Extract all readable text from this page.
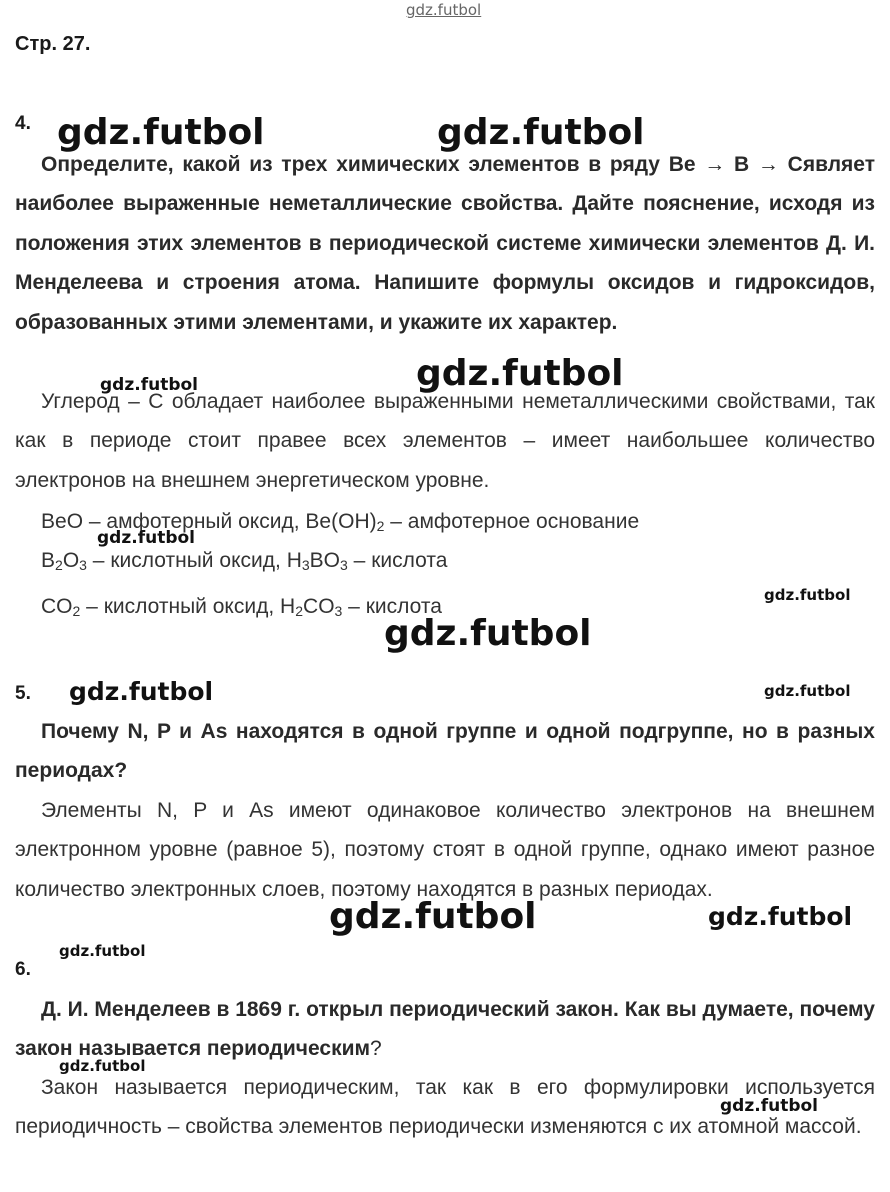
Стр. 27.
4.

Определите, какой из трех химических элементов в ряду Be → B → Cявляет наиболее выраженные неметаллические свойства. Дайте пояснение, исходя из положения этих элементов в периодической системе химически элементов Д. И. Менделеева и строения атома. Напишите формулы оксидов и гидроксидов, образованных этими элементами, и укажите их характер.

Углерод – C обладает наиболее выраженными неметаллическими свойствами, так как в периоде стоит правее всех элементов – имеет наибольшее количество электронов на внешнем энергетическом уровне.

BeO – амфотерный оксид, $Be(OH)_2$ – амфотерное основание
$B_2O_3$ – кислотный оксид, $H_3BO_3$ – кислота
$CO_2$ – кислотный оксид, $H_2CO_3$ – кислота
5.

Почему N, P и As находятся в одной группе и одной подгруппе, но в разных периодах?

Элементы N, P и As имеют одинаковое количество электронов на внешнем электронном уровне (равное 5), поэтому стоят в одной группе, однако имеют разное количество электронных слоев, поэтому находятся в разных периодах.

6.

Д. И. Менделеев в 1869 г. открыл периодический закон. Как вы думаете, почему закон называется периодическим?

Закон называется периодическим, так как в его формулировки используется периодичность – свойства элементов периодически изменяются с их атомной массой.

gdz.futbol
gdz.futbol	gdz.futbol
gdz.futbol
gdz.futbol
gdz.futbol
gdz.futbol
gdz.futbol
gdz.futbol	gdz.futbol
gdz.futbol	gdz.futbol
gdz.futbol
gdz.futbol
gdz.futbol
